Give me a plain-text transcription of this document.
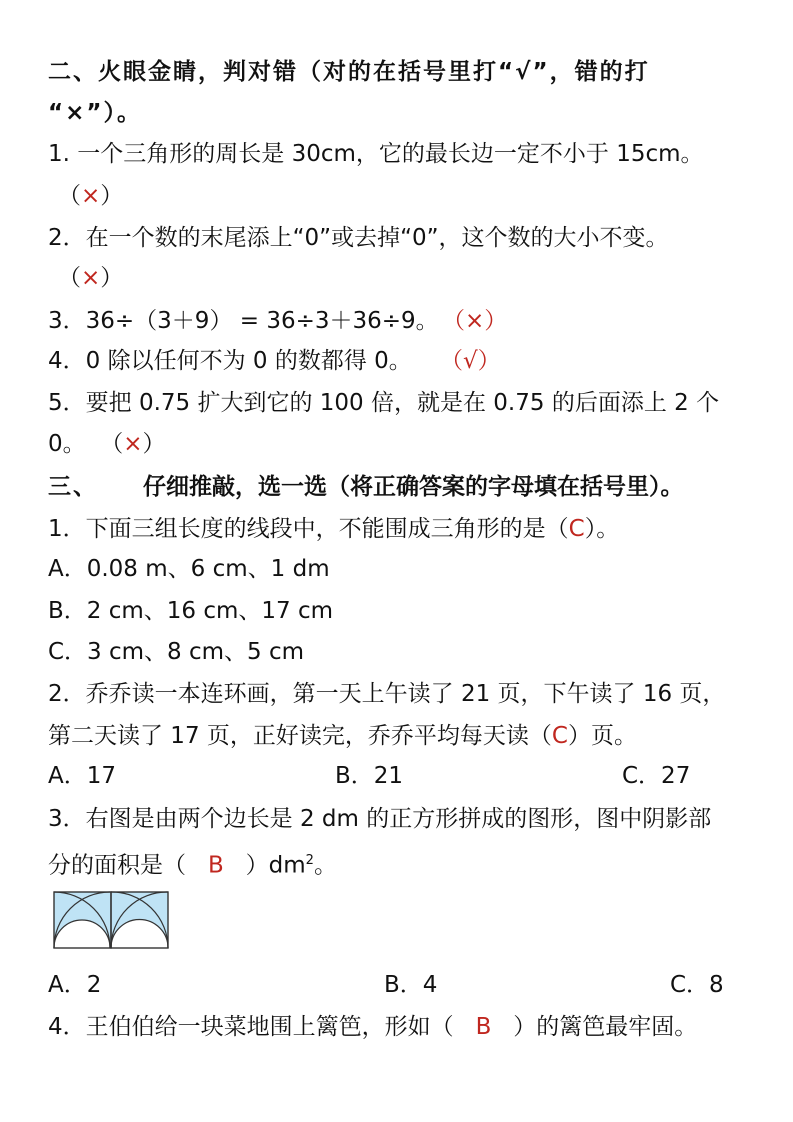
二、火眼金睛，判对错（对的在括号里打“√”，错的打
“×”）。
1. 一个三角形的周长是 30cm，它的最长边一定不小于 15cm。
（×）
2．在一个数的末尾添上“0”或去掉“0”，这个数的大小不变。
（×）
3．36÷（3＋9） = 36÷3＋36÷9。 （×）
4．0 除以任何不为 0 的数都得 0。 （√）
5．要把 0.75 扩大到它的 100 倍，就是在 0.75 的后面添上 2 个
0。 （×）
三、 仔细推敲，选一选（将正确答案的字母填在括号里）。
1．下面三组长度的线段中，不能围成三角形的是（C）。
A．0.08 m、6 cm、1 dm
B．2 cm、16 cm、17 cm
C．3 cm、8 cm、5 cm
2．乔乔读一本连环画，第一天上午读了 21 页，下午读了 16 页，
第二天读了 17 页，正好读完，乔乔平均每天读（C）页。
A．17	B．21	C．27
3．右图是由两个边长是 2 dm 的正方形拼成的图形，图中阴影部
分的面积是（ B ）$dm^2$。
A．2	B．4	C．8
4．王伯伯给一块菜地围上篱笆，形如（ B ）的篱笆最牢固。
